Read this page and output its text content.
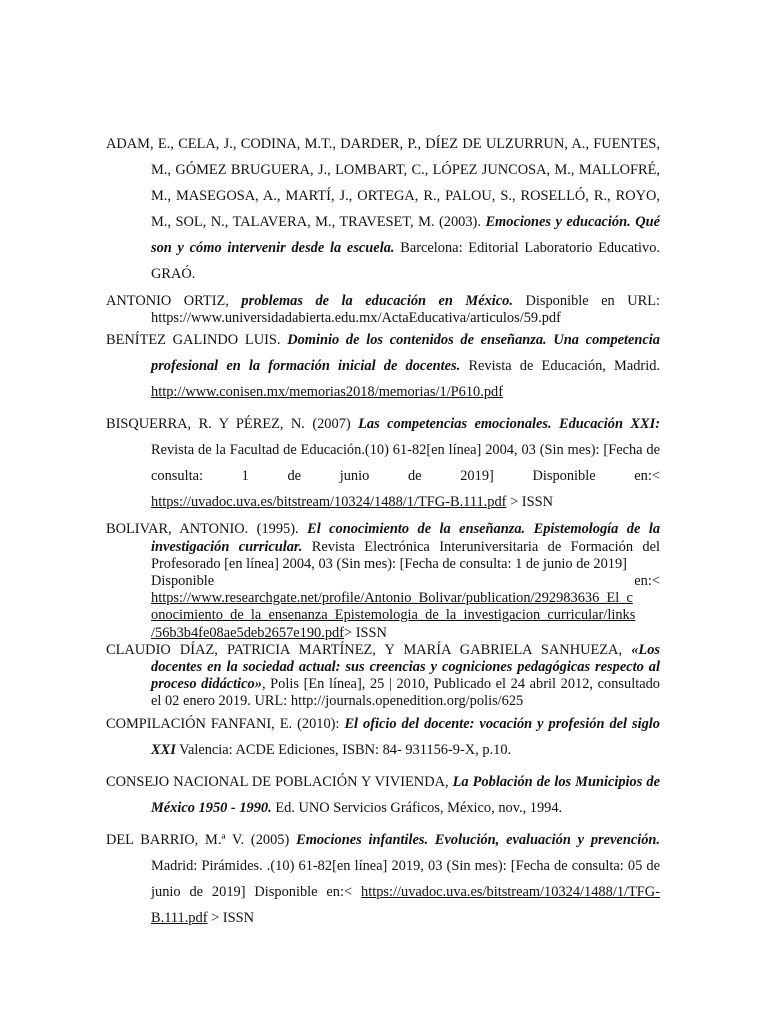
ADAM, E., CELA, J., CODINA, M.T., DARDER, P., DÍEZ DE ULZURRUN, A., FUENTES, M., GÓMEZ BRUGUERA, J., LOMBART, C., LÓPEZ JUNCOSA, M., MALLOFRÉ, M., MASEGOSA, A., MARTÍ, J., ORTEGA, R., PALOU, S., ROSELLÓ, R., ROYO, M., SOL, N., TALAVERA, M., TRAVESET, M. (2003). Emociones y educación. Qué son y cómo intervenir desde la escuela. Barcelona: Editorial Laboratorio Educativo. GRAÓ.

ANTONIO ORTIZ, problemas de la educación en México. Disponible en URL: https://www.universidadabierta.edu.mx/ActaEducativa/articulos/59.pdf

BENÍTEZ GALINDO LUIS. Dominio de los contenidos de enseñanza. Una competencia profesional en la formación inicial de docentes. Revista de Educación, Madrid. http://www.conisen.mx/memorias2018/memorias/1/P610.pdf

BISQUERRA, R. Y PÉREZ, N. (2007) Las competencias emocionales. Educación XXI: Revista de la Facultad de Educación.(10) 61-82[en línea] 2004, 03 (Sin mes): [Fecha de consulta: 1 de junio de 2019] Disponible en:< https://uvadoc.uva.es/bitstream/10324/1488/1/TFG-B.111.pdf > ISSN

BOLIVAR, ANTONIO. (1995). El conocimiento de la enseñanza. Epistemología de la investigación curricular. Revista Electrónica Interuniversitaria de Formación del Profesorado [en línea] 2004, 03 (Sin mes): [Fecha de consulta: 1 de junio de 2019]
Disponible	en:<
https://www.researchgate.net/profile/Antonio_Bolivar/publication/292983636_El_c
onocimiento_de_la_ensenanza_Epistemologia_de_la_investigacion_curricular/links
/56b3b4fe08ae5deb2657e190.pdf> ISSN

CLAUDIO DÍAZ, PATRICIA MARTÍNEZ, Y MARÍA GABRIELA SANHUEZA, «Los docentes en la sociedad actual: sus creencias y cogniciones pedagógicas respecto al proceso didáctico», Polis [En línea], 25 | 2010, Publicado el 24 abril 2012, consultado el 02 enero 2019. URL: http://journals.openedition.org/polis/625

COMPILACIÓN FANFANI, E. (2010): El oficio del docente: vocación y profesión del siglo XXI Valencia: ACDE Ediciones, ISBN: 84- 931156-9-X, p.10.

CONSEJO NACIONAL DE POBLACIÓN Y VIVIENDA, La Población de los Municipios de México 1950 - 1990. Ed. UNO Servicios Gráficos, México, nov., 1994.

DEL BARRIO, M.ª V. (2005) Emociones infantiles. Evolución, evaluación y prevención. Madrid: Pirámides. .(10) 61-82[en línea] 2019, 03 (Sin mes): [Fecha de consulta: 05 de junio de 2019] Disponible en:< https://uvadoc.uva.es/bitstream/10324/1488/1/TFG-B.111.pdf > ISSN
